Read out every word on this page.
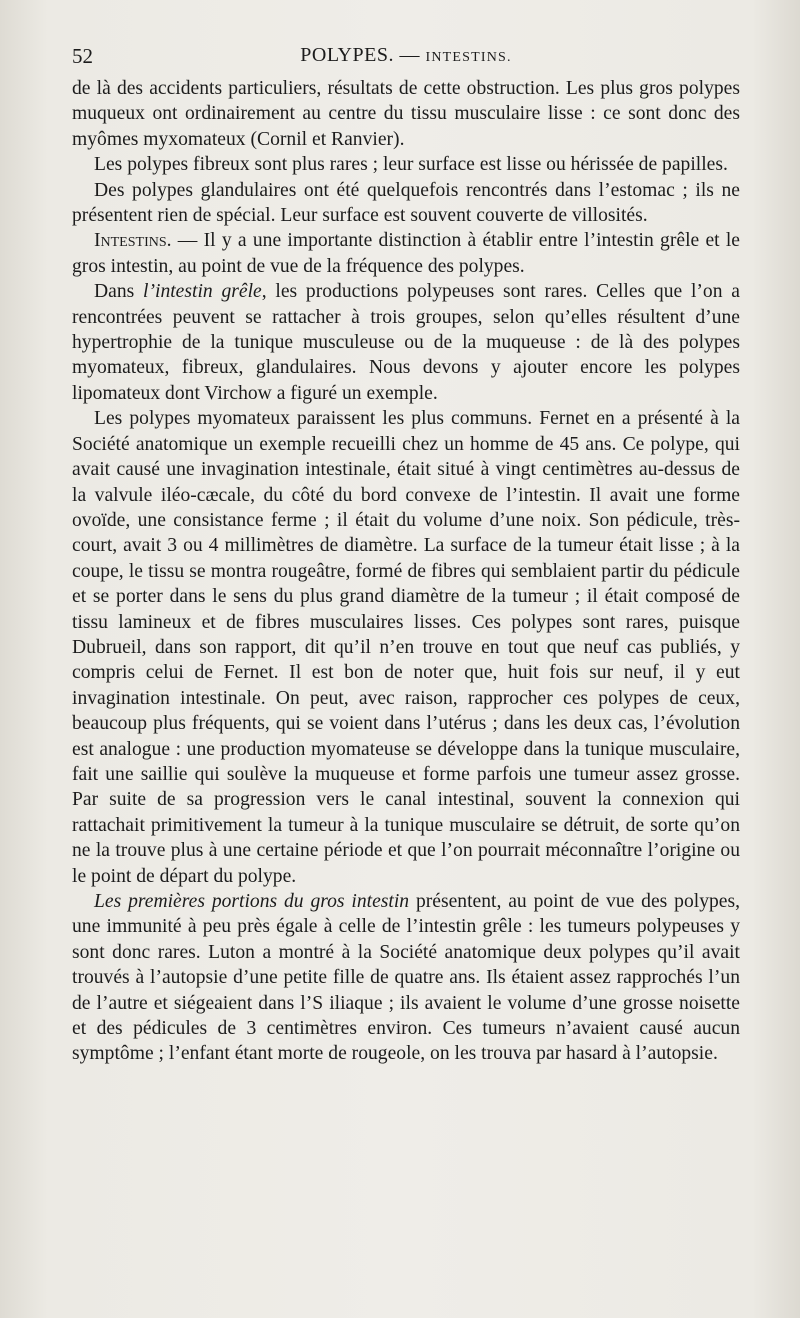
52	POLYPES. — INTESTINS.

de là des accidents particuliers, résultats de cette obstruction. Les plus gros polypes muqueux ont ordinairement au centre du tissu musculaire lisse : ce sont donc des myômes myxomateux (Cornil et Ranvier).

Les polypes fibreux sont plus rares ; leur surface est lisse ou hérissée de papilles.

Des polypes glandulaires ont été quelquefois rencontrés dans l’estomac ; ils ne présentent rien de spécial. Leur surface est souvent couverte de villosités.

Intestins. — Il y a une importante distinction à établir entre l’intestin grêle et le gros intestin, au point de vue de la fréquence des polypes.

Dans l’intestin grêle, les productions polypeuses sont rares. Celles que l’on a rencontrées peuvent se rattacher à trois groupes, selon qu’elles résultent d’une hypertrophie de la tunique musculeuse ou de la muqueuse : de là des polypes myomateux, fibreux, glandulaires. Nous devons y ajouter encore les polypes lipomateux dont Virchow a figuré un exemple.

Les polypes myomateux paraissent les plus communs. Fernet en a présenté à la Société anatomique un exemple recueilli chez un homme de 45 ans. Ce polype, qui avait causé une invagination intestinale, était situé à vingt centimètres au-dessus de la valvule iléo-cæcale, du côté du bord convexe de l’intestin. Il avait une forme ovoïde, une consistance ferme ; il était du volume d’une noix. Son pédicule, très-court, avait 3 ou 4 millimètres de diamètre. La surface de la tumeur était lisse ; à la coupe, le tissu se montra rougeâtre, formé de fibres qui semblaient partir du pédicule et se porter dans le sens du plus grand diamètre de la tumeur ; il était composé de tissu lamineux et de fibres musculaires lisses. Ces polypes sont rares, puisque Dubrueil, dans son rapport, dit qu’il n’en trouve en tout que neuf cas publiés, y compris celui de Fernet. Il est bon de noter que, huit fois sur neuf, il y eut invagination intestinale. On peut, avec raison, rapprocher ces polypes de ceux, beaucoup plus fréquents, qui se voient dans l’utérus ; dans les deux cas, l’évolution est analogue : une production myomateuse se développe dans la tunique musculaire, fait une saillie qui soulève la muqueuse et forme parfois une tumeur assez grosse. Par suite de sa progression vers le canal intestinal, souvent la connexion qui rattachait primitivement la tumeur à la tunique musculaire se détruit, de sorte qu’on ne la trouve plus à une certaine période et que l’on pourrait méconnaître l’origine ou le point de départ du polype.

Les premières portions du gros intestin présentent, au point de vue des polypes, une immunité à peu près égale à celle de l’intestin grêle : les tumeurs polypeuses y sont donc rares. Luton a montré à la Société anatomique deux polypes qu’il avait trouvés à l’autopsie d’une petite fille de quatre ans. Ils étaient assez rapprochés l’un de l’autre et siégeaient dans l’S iliaque ; ils avaient le volume d’une grosse noisette et des pédicules de 3 centimètres environ. Ces tumeurs n’avaient causé aucun symptôme ; l’enfant étant morte de rougeole, on les trouva par hasard à l’autopsie.
